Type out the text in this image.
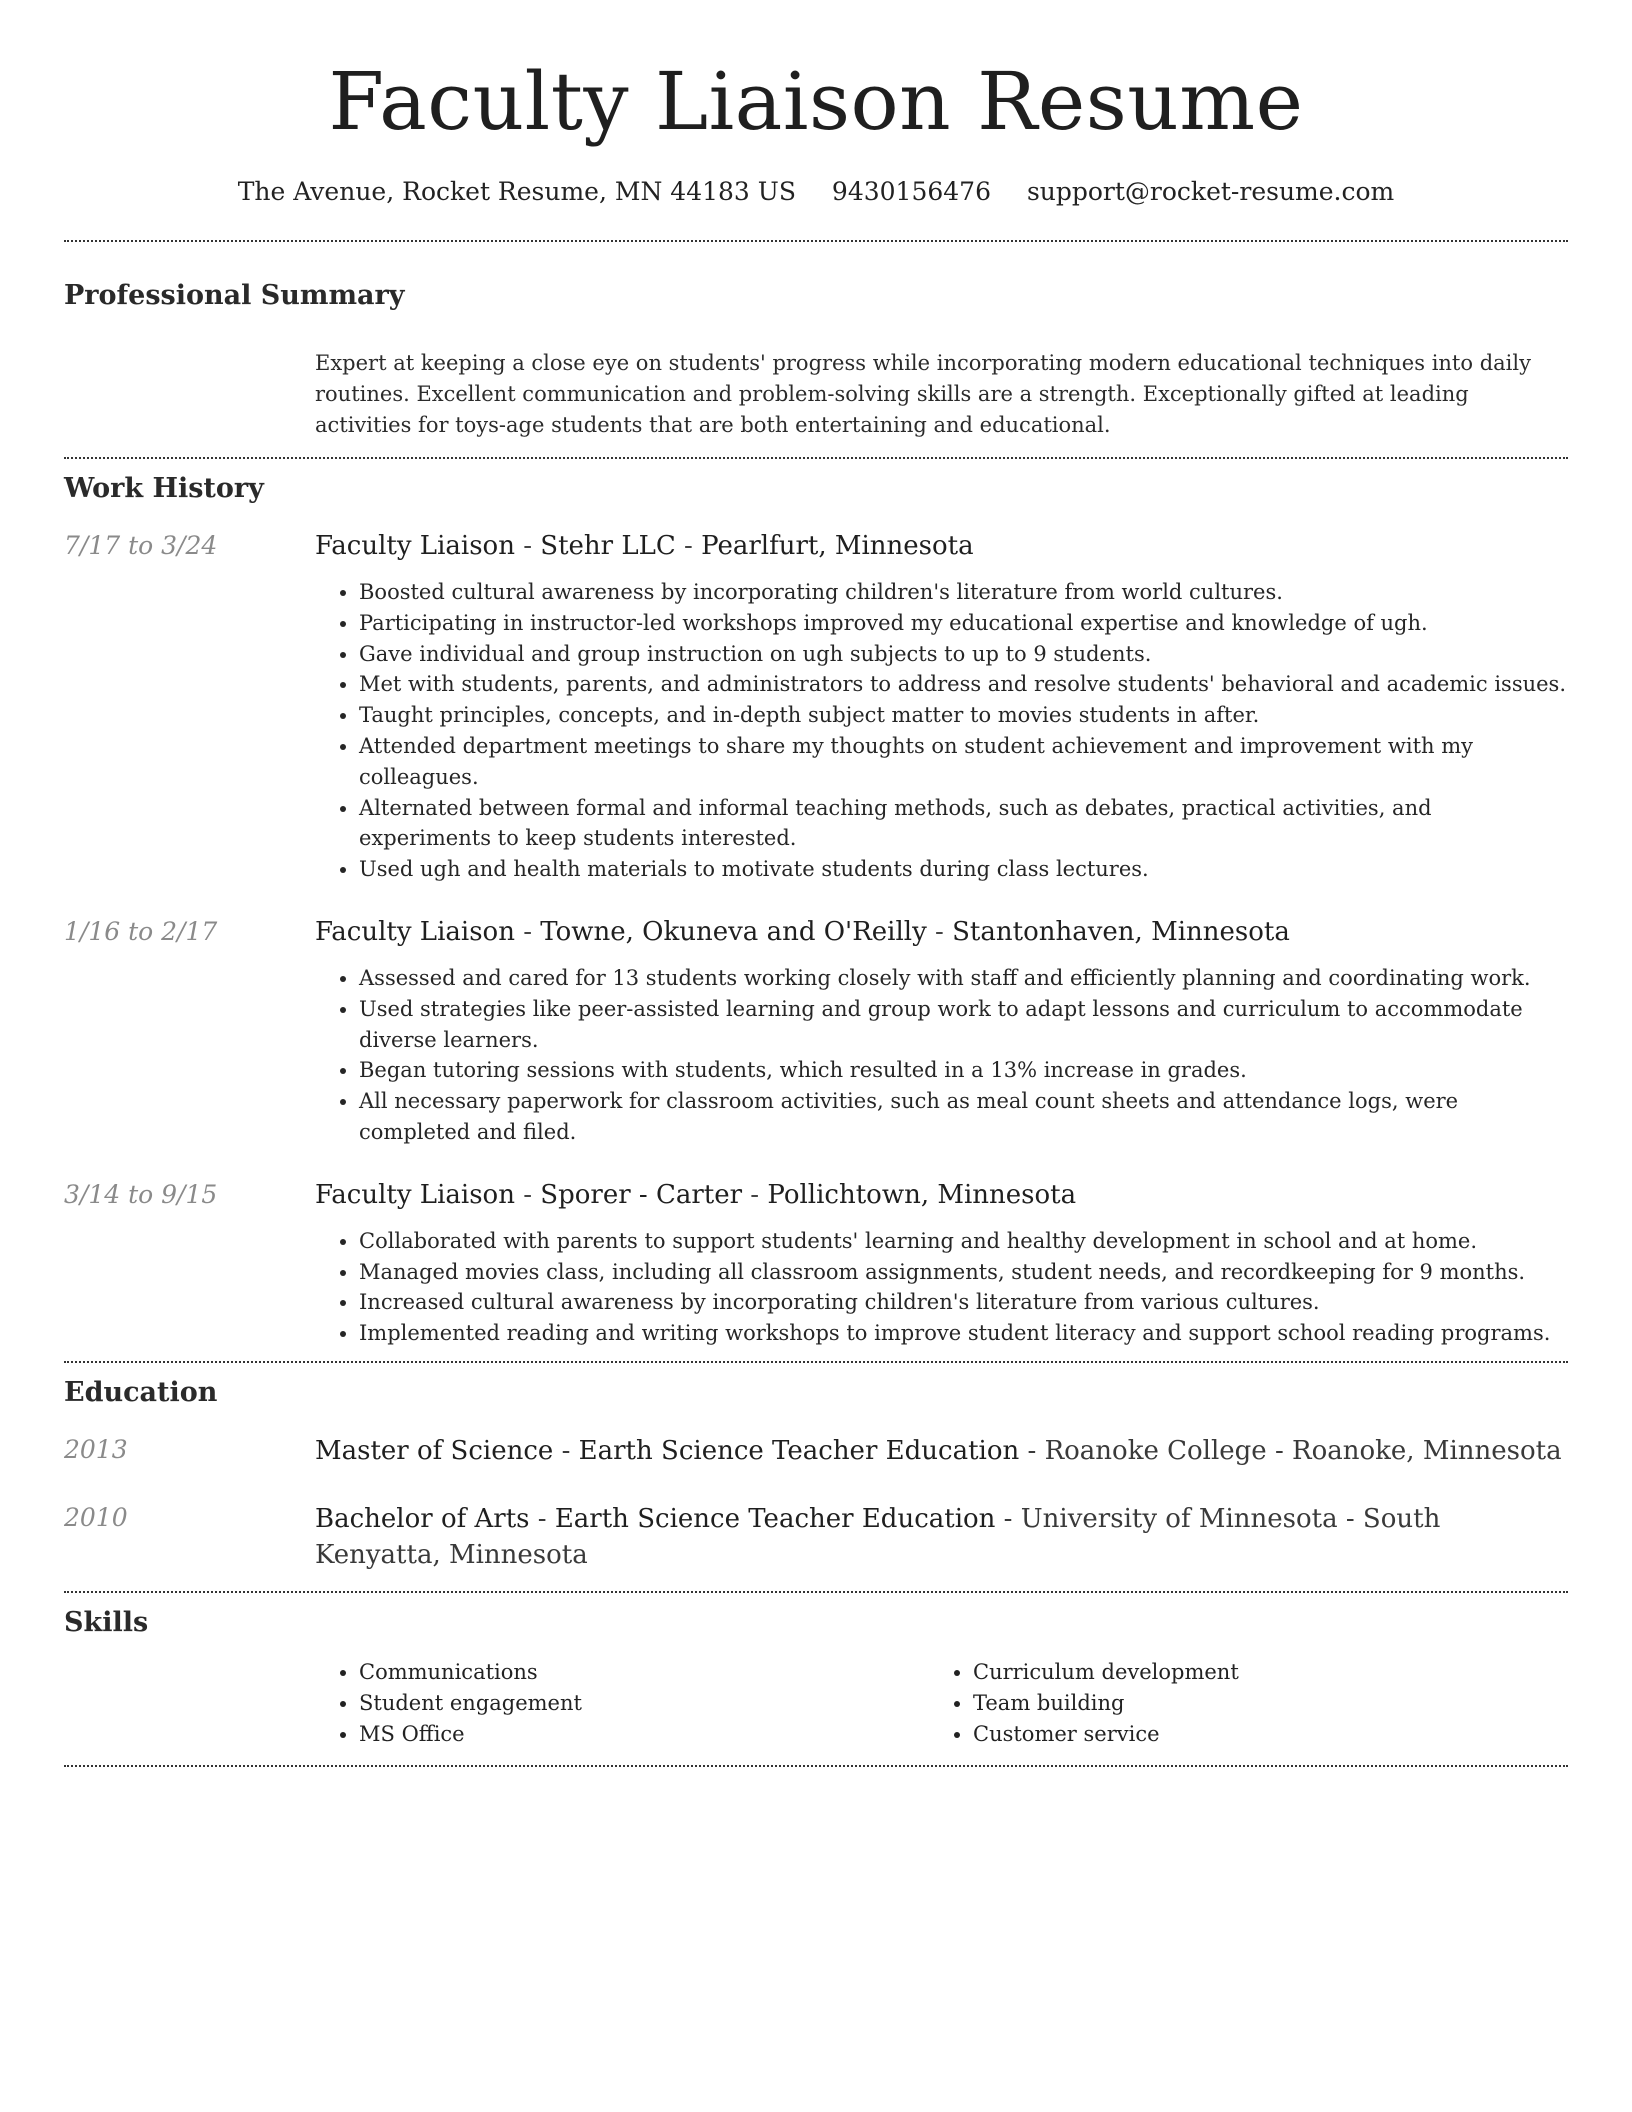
Faculty Liaison Resume
The Avenue, Rocket Resume, MN 44183 US 9430156476 support@rocket-resume.com
Professional Summary
Expert at keeping a close eye on students' progress while incorporating modern educational techniques into daily routines. Excellent communication and problem-solving skills are a strength. Exceptionally gifted at leading activities for toys-age students that are both entertaining and educational.
Work History
7/17 to 3/24	Faculty Liaison - Stehr LLC - Pearlfurt, Minnesota
• Boosted cultural awareness by incorporating children's literature from world cultures.
• Participating in instructor-led workshops improved my educational expertise and knowledge of ugh.
• Gave individual and group instruction on ugh subjects to up to 9 students.
• Met with students, parents, and administrators to address and resolve students' behavioral and academic issues.
• Taught principles, concepts, and in-depth subject matter to movies students in after.
• Attended department meetings to share my thoughts on student achievement and improvement with my colleagues.
• Alternated between formal and informal teaching methods, such as debates, practical activities, and experiments to keep students interested.
• Used ugh and health materials to motivate students during class lectures.
1/16 to 2/17	Faculty Liaison - Towne, Okuneva and O'Reilly - Stantonhaven, Minnesota
• Assessed and cared for 13 students working closely with staff and efficiently planning and coordinating work.
• Used strategies like peer-assisted learning and group work to adapt lessons and curriculum to accommodate diverse learners.
• Began tutoring sessions with students, which resulted in a 13% increase in grades.
• All necessary paperwork for classroom activities, such as meal count sheets and attendance logs, were completed and filed.
3/14 to 9/15	Faculty Liaison - Sporer - Carter - Pollichtown, Minnesota
• Collaborated with parents to support students' learning and healthy development in school and at home.
• Managed movies class, including all classroom assignments, student needs, and recordkeeping for 9 months.
• Increased cultural awareness by incorporating children's literature from various cultures.
• Implemented reading and writing workshops to improve student literacy and support school reading programs.
Education
2013	Master of Science - Earth Science Teacher Education - Roanoke College - Roanoke, Minnesota
2010	Bachelor of Arts - Earth Science Teacher Education - University of Minnesota - South Kenyatta, Minnesota
Skills
• Communications
• Student engagement
• MS Office
• Curriculum development
• Team building
• Customer service
